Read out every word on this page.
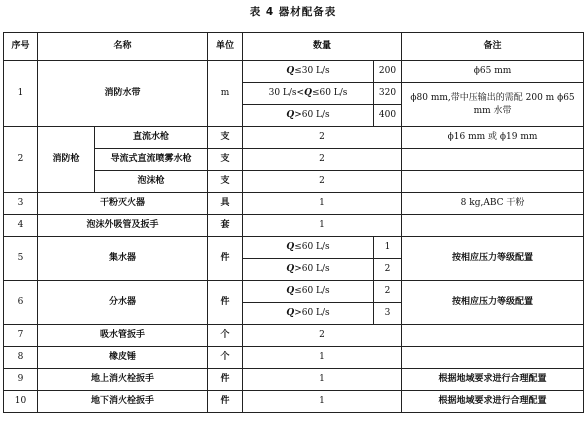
表 4 器材配备表
序号	名称		单位	数量		备注
1	消防水带		m	Q≤30 L/s	200	ϕ65 mm
				30 L/s<Q≤60 L/s	320	ϕ80 mm,带中压输出的需配 200 m ϕ65 mm 水带
				Q>60 L/s	400	
2	消防枪	直流水枪	支	2		ϕ16 mm 或 ϕ19 mm
		导流式直流喷雾水枪	支	2		
		泡沫枪	支	2		
3	干粉灭火器		具	1		8 kg,ABC 干粉
4	泡沫外吸管及扳手		套	1		
5	集水器		件	Q≤60 L/s	1	按相应压力等级配置
				Q>60 L/s	2	
6	分水器		件	Q≤60 L/s	2	按相应压力等级配置
				Q>60 L/s	3	
7	吸水管扳手		个	2		
8	橡皮锤		个	1		
9	地上消火栓扳手		件	1		根据地域要求进行合理配置
10	地下消火栓扳手		件	1		根据地域要求进行合理配置
